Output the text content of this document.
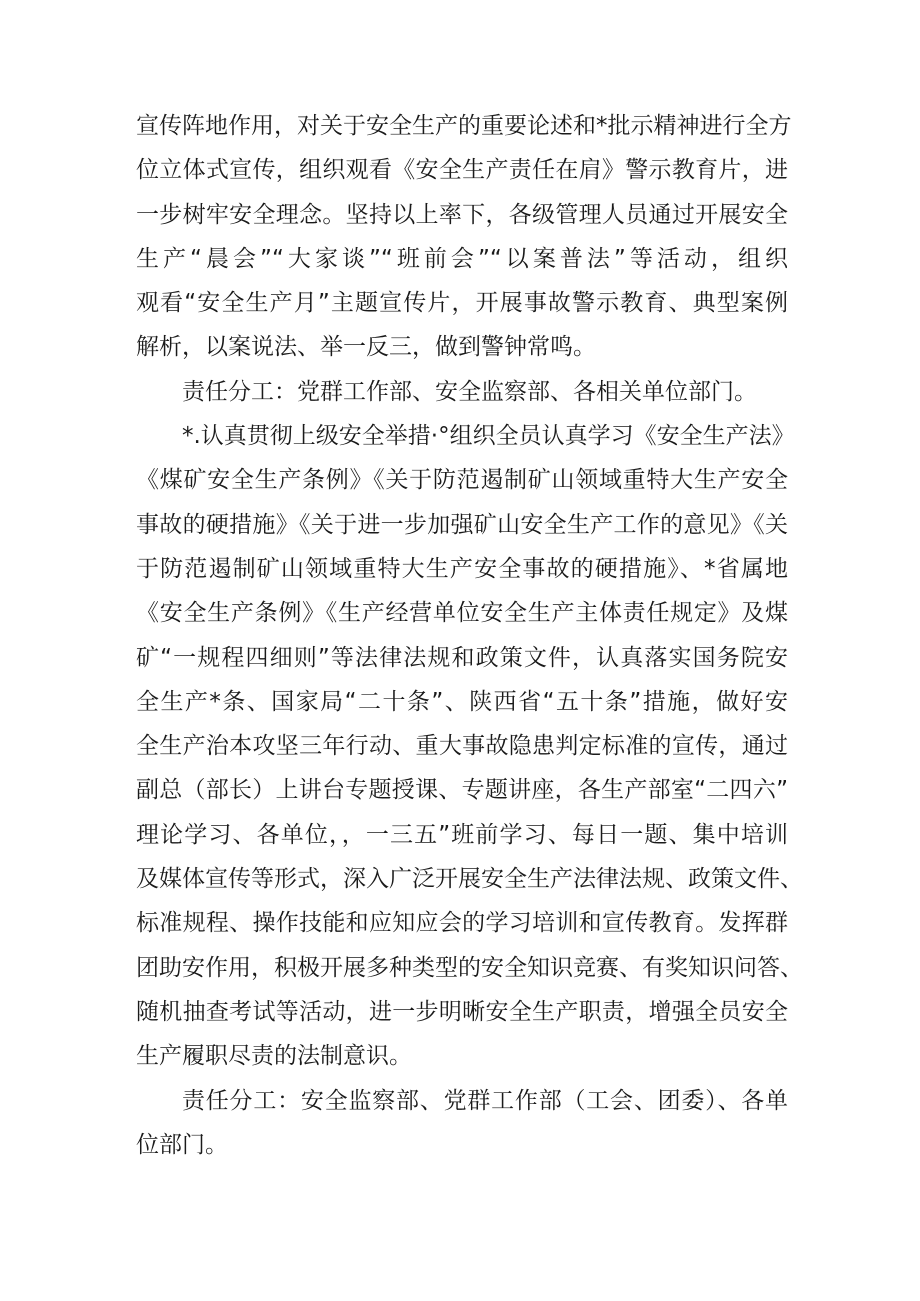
宣传阵地作用，对关于安全生产的重要论述和*批示精神进行全方
位立体式宣传，组织观看《安全生产责任在肩》警示教育片，进
一步树牢安全理念。坚持以上率下，各级管理人员通过开展安全
生产“晨会”“大家谈”“班前会”“以案普法”等活动，组织
观看“安全生产月”主题宣传片，开展事故警示教育、典型案例
解析，以案说法、举一反三，做到警钟常鸣。
责任分工：党群工作部、安全监察部、各相关单位部门。
*.认真贯彻上级安全举措·°组织全员认真学习《安全生产法》
《煤矿安全生产条例》《关于防范遏制矿山领域重特大生产安全
事故的硬措施》《关于进一步加强矿山安全生产工作的意见》《关
于防范遏制矿山领域重特大生产安全事故的硬措施》、*省属地
《安全生产条例》《生产经营单位安全生产主体责任规定》及煤
矿“一规程四细则”等法律法规和政策文件，认真落实国务院安
全生产*条、国家局“二十条”、陕西省“五十条”措施，做好安
全生产治本攻坚三年行动、重大事故隐患判定标准的宣传，通过
副总（部长）上讲台专题授课、专题讲座，各生产部室“二四六”
理论学习、各单位，，一三五”班前学习、每日一题、集中培训
及媒体宣传等形式，深入广泛开展安全生产法律法规、政策文件、
标准规程、操作技能和应知应会的学习培训和宣传教育。发挥群
团助安作用，积极开展多种类型的安全知识竞赛、有奖知识问答、
随机抽查考试等活动，进一步明晰安全生产职责，增强全员安全
生产履职尽责的法制意识。
责任分工：安全监察部、党群工作部（工会、团委）、各单
位部门。
